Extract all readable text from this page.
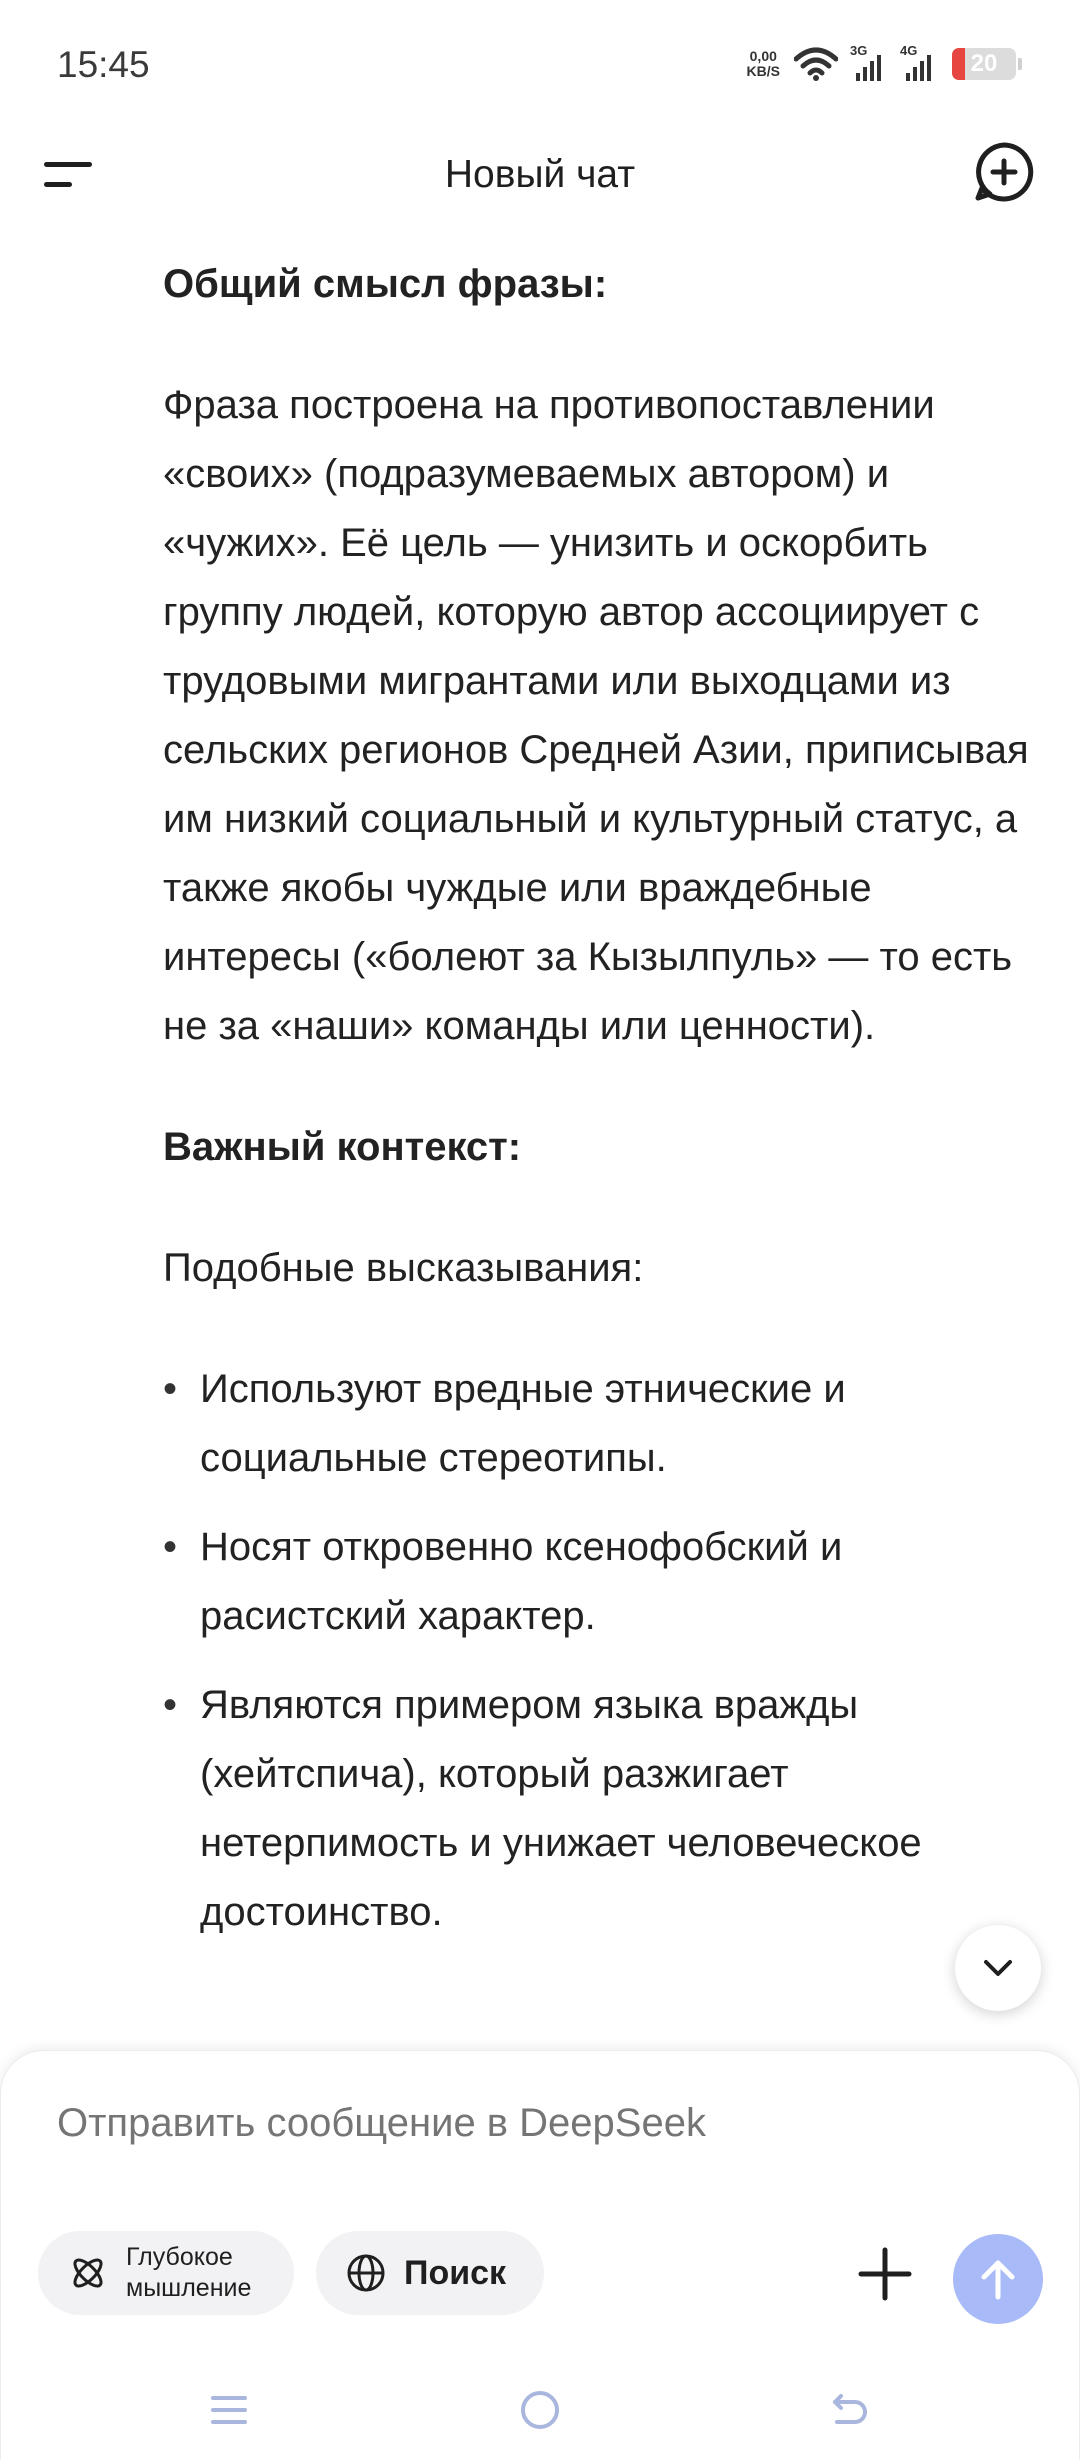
15:45	0,00
KB/S
3G	4G 20
Новый чат
Общий смысл фразы:

Фраза построена на противопоставлении «своих» (подразумеваемых автором) и «чужих». Её цель — унизить и оскорбить группу людей, которую автор ассоциирует с трудовыми мигрантами или выходцами из сельских регионов Средней Азии, приписывая им низкий социальный и культурный статус, а также якобы чуждые или враждебные интересы («болеют за Кызылпуль» — то есть не за «наши» команды или ценности).

Важный контекст:

Подобные высказывания:

• Используют вредные этнические и социальные стереотипы.
• Носят откровенно ксенофобский и расистский характер.
• Являются примером языка вражды (хейтспича), который разжигает нетерпимость и унижает человеческое достоинство.
Отправить сообщение в DeepSeek
Глубокое
мышление	Поиск
